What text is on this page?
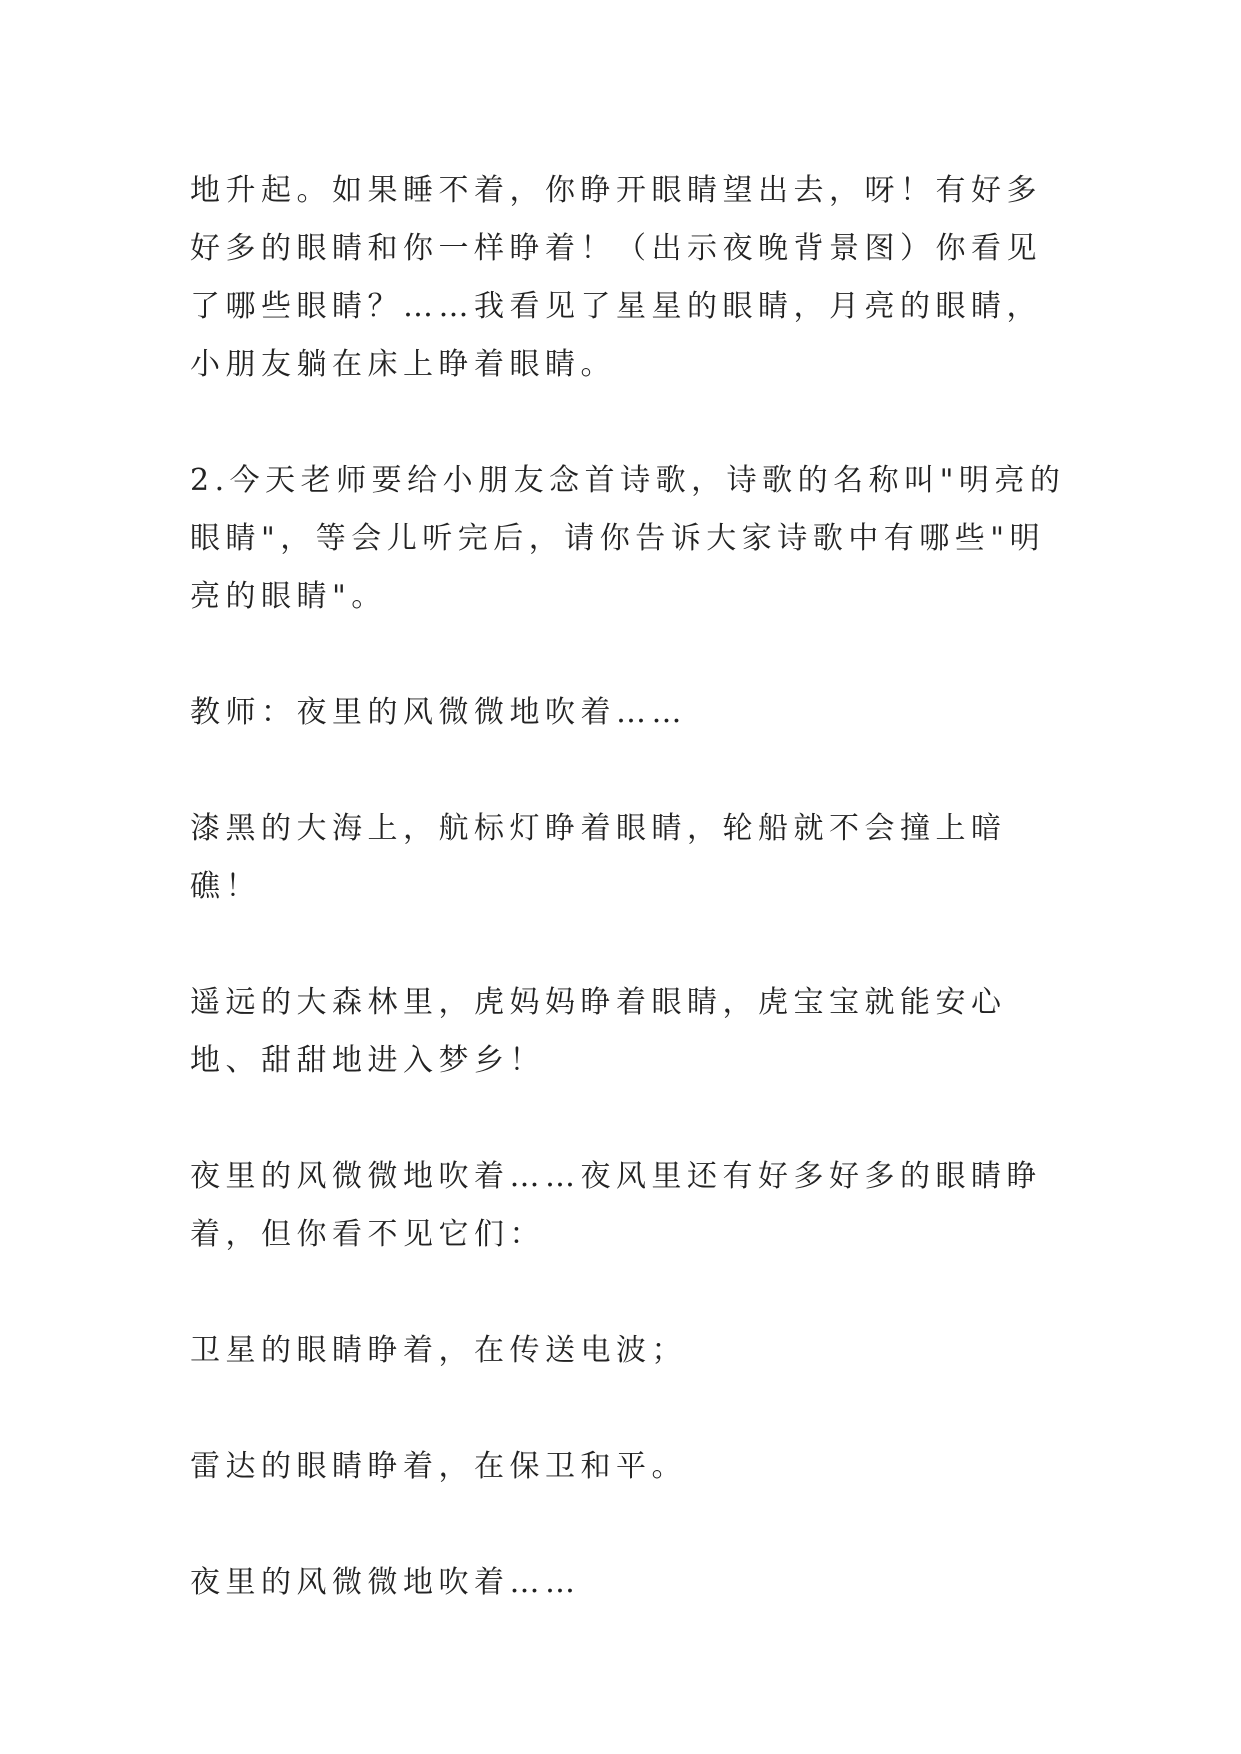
地升起。如果睡不着，你睁开眼睛望出去，呀！有好多好多的眼睛和你一样睁着！（出示夜晚背景图）你看见了哪些眼睛？……我看见了星星的眼睛，月亮的眼睛，小朋友躺在床上睁着眼睛。

2.今天老师要给小朋友念首诗歌，诗歌的名称叫"明亮的眼睛"，等会儿听完后，请你告诉大家诗歌中有哪些"明亮的眼睛"。

教师：夜里的风微微地吹着……

漆黑的大海上，航标灯睁着眼睛，轮船就不会撞上暗礁！

遥远的大森林里，虎妈妈睁着眼睛，虎宝宝就能安心地、甜甜地进入梦乡！

夜里的风微微地吹着……夜风里还有好多好多的眼睛睁着，但你看不见它们：

卫星的眼睛睁着，在传送电波；

雷达的眼睛睁着，在保卫和平。

夜里的风微微地吹着……
